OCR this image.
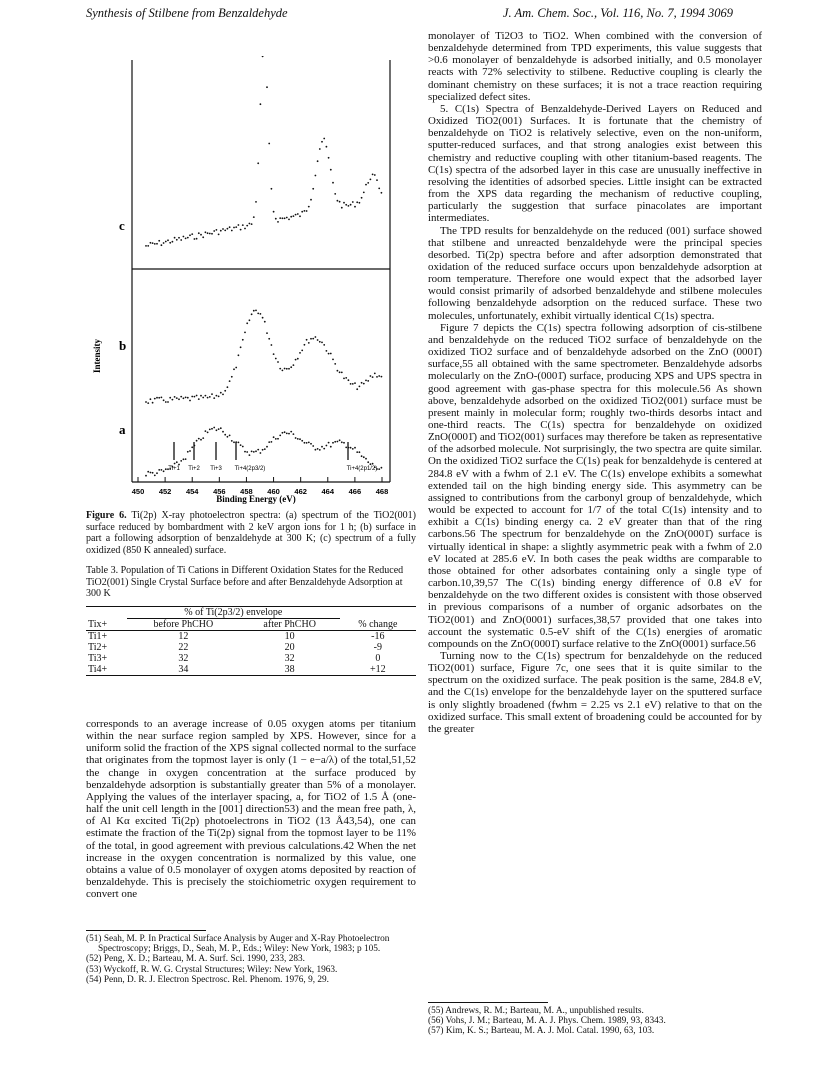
Synthesis of Stilbene from Benzaldehyde	J. Am. Chem. Soc., Vol. 116, No. 7, 1994 3069
450 452 454 456 458 460 462 464 466 468
Ti+1 Ti+2 Ti+3 Ti+4(2p3/2)	Ti+4(2p1/2)
Intensity
Binding Energy (eV)
c
b
a
Figure 6. Ti(2p) X-ray photoelectron spectra: (a) spectrum of the TiO2(001) surface reduced by bombardment with 2 keV argon ions for 1 h; (b) surface in part a following adsorption of benzaldehyde at 300 K; (c) spectrum of a fully oxidized (850 K annealed) surface.
Table 3. Population of Ti Cations in Different Oxidation States for the Reduced TiO2(001) Single Crystal Surface before and after Benzaldehyde Adsorption at 300 K
	% of Ti(2p3/2) envelope		
Tix+	before PhCHO	after PhCHO	% change
Ti1+	12	10	-16
Ti2+	22	20	-9
Ti3+	32	32	0
Ti4+	34	38	+12

corresponds to an average increase of 0.05 oxygen atoms per titanium within the near surface region sampled by XPS. However, since for a uniform solid the fraction of the XPS signal collected normal to the surface that originates from the topmost layer is only (1 − e−a/λ) of the total,51,52 the change in oxygen concentration at the surface produced by benzaldehyde adsorption is substantially greater than 5% of a monolayer. Applying the values of the interlayer spacing, a, for TiO2 of 1.5 Å (one-half the unit cell length in the [001] direction53) and the mean free path, λ, of Al Kα excited Ti(2p) photoelectrons in TiO2 (13 Å43,54), one can estimate the fraction of the Ti(2p) signal from the topmost layer to be 11% of the total, in good agreement with previous calculations.42 When the net increase in the oxygen concentration is normalized by this value, one obtains a value of 0.5 monolayer of oxygen atoms deposited by reaction of benzaldehyde. This is precisely the stoichiometric oxygen requirement to convert one

(51) Seah, M. P. In Practical Surface Analysis by Auger and X-Ray Photoelectron Spectroscopy; Briggs, D., Seah, M. P., Eds.; Wiley: New York, 1983; p 105.
(52) Peng, X. D.; Barteau, M. A. Surf. Sci. 1990, 233, 283.
(53) Wyckoff, R. W. G. Crystal Structures; Wiley: New York, 1963.
(54) Penn, D. R. J. Electron Spectrosc. Rel. Phenom. 1976, 9, 29.

monolayer of Ti2O3 to TiO2. When combined with the conversion of benzaldehyde determined from TPD experiments, this value suggests that >0.6 monolayer of benzaldehyde is adsorbed initially, and 0.5 monolayer reacts with 72% selectivity to stilbene. Reductive coupling is clearly the dominant chemistry on these surfaces; it is not a trace reaction requiring specialized defect sites.

5. C(1s) Spectra of Benzaldehyde-Derived Layers on Reduced and Oxidized TiO2(001) Surfaces. It is fortunate that the chemistry of benzaldehyde on TiO2 is relatively selective, even on the non-uniform, sputter-reduced surfaces, and that strong analogies exist between this chemistry and reductive coupling with other titanium-based reagents. The C(1s) spectra of the adsorbed layer in this case are unusually ineffective in resolving the identities of adsorbed species. Little insight can be extracted from the XPS data regarding the mechanism of reductive coupling, particularly the suggestion that surface pinacolates are important intermediates.

The TPD results for benzaldehyde on the reduced (001) surface showed that stilbene and unreacted benzaldehyde were the principal species desorbed. Ti(2p) spectra before and after adsorption demonstrated that oxidation of the reduced surface occurs upon benzaldehyde adsorption at room temperature. Therefore one would expect that the adsorbed layer would consist primarily of adsorbed benzaldehyde and stilbene molecules following benzaldehyde adsorption on the reduced surface. These two molecules, unfortunately, exhibit virtually identical C(1s) spectra.

Figure 7 depicts the C(1s) spectra following adsorption of cis-stilbene and benzaldehyde on the reduced TiO2 surface of benzaldehyde on the oxidized TiO2 surface and of benzaldehyde adsorbed on the ZnO (0001̄) surface,55 all obtained with the same spectrometer. Benzaldehyde adsorbs molecularly on the ZnO-(0001̄) surface, producing XPS and UPS spectra in good agreement with gas-phase spectra for this molecule.56 As shown above, benzaldehyde adsorbed on the oxidized TiO2(001) surface must be present mainly in molecular form; roughly two-thirds desorbs intact and one-third reacts. The C(1s) spectra for benzaldehyde on oxidized ZnO(0001̄) and TiO2(001) surfaces may therefore be taken as representative of the adsorbed molecule. Not surprisingly, the two spectra are quite similar. On the oxidized TiO2 surface the C(1s) peak for benzaldehyde is centered at 284.8 eV with a fwhm of 2.1 eV. The C(1s) envelope exhibits a somewhat extended tail on the high binding energy side. This asymmetry can be assigned to contributions from the carbonyl group of benzaldehyde, which would be expected to account for 1/7 of the total C(1s) intensity and to exhibit a C(1s) binding energy ca. 2 eV greater than that of the ring carbons.56 The spectrum for benzaldehyde on the ZnO(0001̄) surface is virtually identical in shape: a slightly asymmetric peak with a fwhm of 2.0 eV located at 285.6 eV. In both cases the peak widths are comparable to those obtained for other adsorbates containing only a single type of carbon.10,39,57 The C(1s) binding energy difference of 0.8 eV for benzaldehyde on the two different oxides is consistent with those observed in previous comparisons of a number of organic adsorbates on the TiO2(001) and ZnO(0001) surfaces,38,57 provided that one takes into account the systematic 0.5-eV shift of the C(1s) energies of aromatic compounds on the ZnO(0001̄) surface relative to the ZnO(0001) surface.56

Turning now to the C(1s) spectrum for benzaldehyde on the reduced TiO2(001) surface, Figure 7c, one sees that it is quite similar to the spectrum on the oxidized surface. The peak position is the same, 284.8 eV, and the C(1s) envelope for the benzaldehyde layer on the sputtered surface is only slightly broadened (fwhm = 2.25 vs 2.1 eV) relative to that on the oxidized surface. This small extent of broadening could be accounted for by the greater

(55) Andrews, R. M.; Barteau, M. A., unpublished results.
(56) Vohs, J. M.; Barteau, M. A. J. Phys. Chem. 1989, 93, 8343.
(57) Kim, K. S.; Barteau, M. A. J. Mol. Catal. 1990, 63, 103.
